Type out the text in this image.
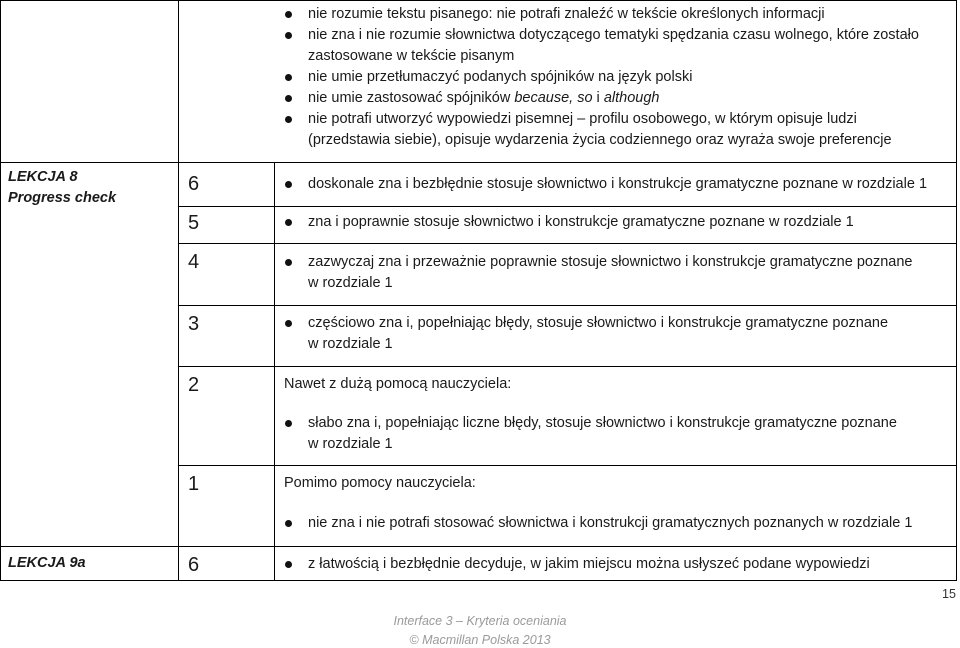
nie rozumie tekstu pisanego: nie potrafi znaleźć w tekście określonych informacji
nie zna i nie rozumie słownictwa dotyczącego tematyki spędzania czasu wolnego, które zostało
zastosowane w tekście pisanym
nie umie przetłumaczyć podanych spójników na język polski
nie umie zastosować spójników because, so i although
nie potrafi utworzyć wypowiedzi pisemnej – profilu osobowego, w którym opisuje ludzi
(przedstawia siebie), opisuje wydarzenia życia codziennego oraz wyraża swoje preferencje
LEKCJA 8
Progress check
6	doskonale zna i bezbłędnie stosuje słownictwo i konstrukcje gramatyczne poznane w rozdziale 1
5	zna i poprawnie stosuje słownictwo i konstrukcje gramatyczne poznane w rozdziale 1
4	zazwyczaj zna i przeważnie poprawnie stosuje słownictwo i konstrukcje gramatyczne poznane
w rozdziale 1
3	częściowo zna i, popełniając błędy, stosuje słownictwo i konstrukcje gramatyczne poznane
w rozdziale 1
2	Nawet z dużą pomocą nauczyciela:
słabo zna i, popełniając liczne błędy, stosuje słownictwo i konstrukcje gramatyczne poznane
w rozdziale 1
1	Pomimo pomocy nauczyciela:
nie zna i nie potrafi stosować słownictwa i konstrukcji gramatycznych poznanych w rozdziale 1
LEKCJA 9a	6	z łatwością i bezbłędnie decyduje, w jakim miejscu można usłyszeć podane wypowiedzi
15
Interface 3 – Kryteria oceniania
© Macmillan Polska 2013
